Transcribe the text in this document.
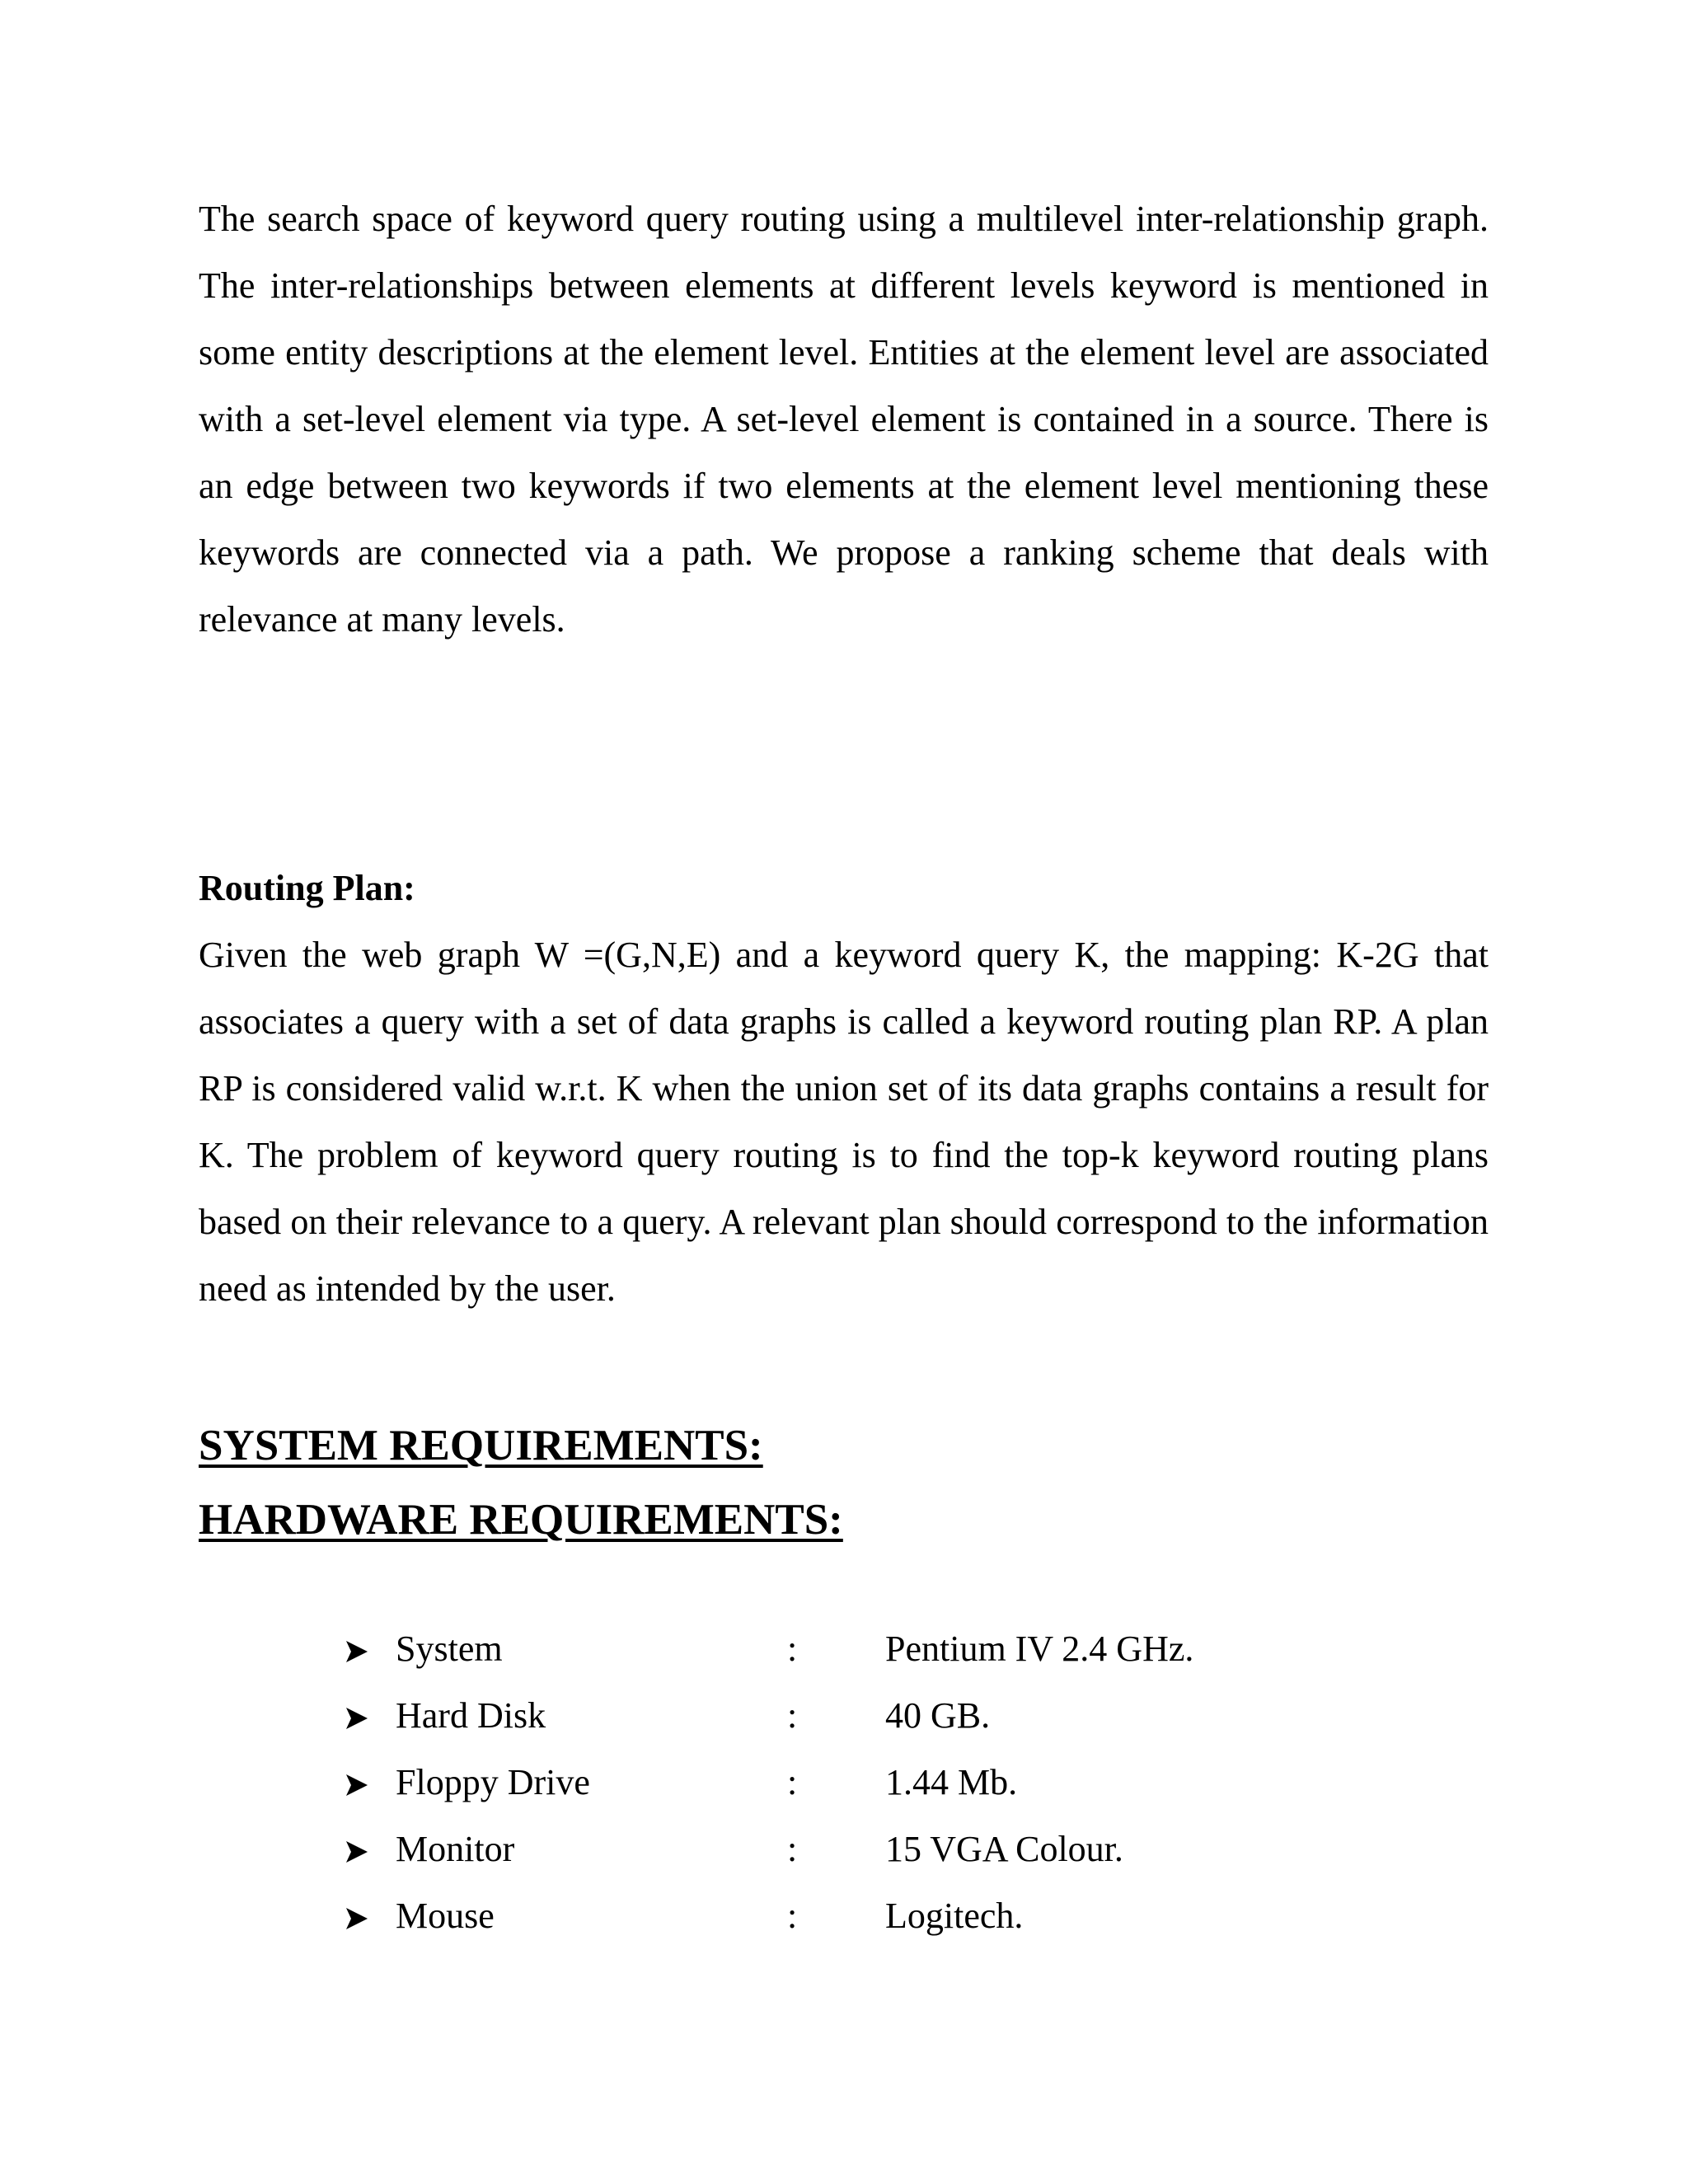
The search space of keyword query routing using a multilevel inter-relationship graph. The inter-relationships between elements at different levels keyword is mentioned in some entity descriptions at the element level. Entities at the element level are associated with a set-level element via type. A set-level element is contained in a source. There is an edge between two keywords if two elements at the element level mentioning these keywords are connected via a path. We propose a ranking scheme that deals with relevance at many levels.

Routing Plan:

Given the web graph W =(G,N,E) and a keyword query K, the mapping: K-2G that associates a query with a set of data graphs is called a keyword routing plan RP. A plan RP is considered valid w.r.t. K when the union set of its data graphs contains a result for K. The problem of keyword query routing is to find the top-k keyword routing plans based on their relevance to a query. A relevant plan should correspond to the information need as intended by the user.

SYSTEM REQUIREMENTS:
HARDWARE REQUIREMENTS:
System	: Pentium IV 2.4 GHz.
Hard Disk	: 40 GB.
Floppy Drive	: 1.44 Mb.
Monitor	: 15 VGA Colour.
Mouse	: Logitech.
